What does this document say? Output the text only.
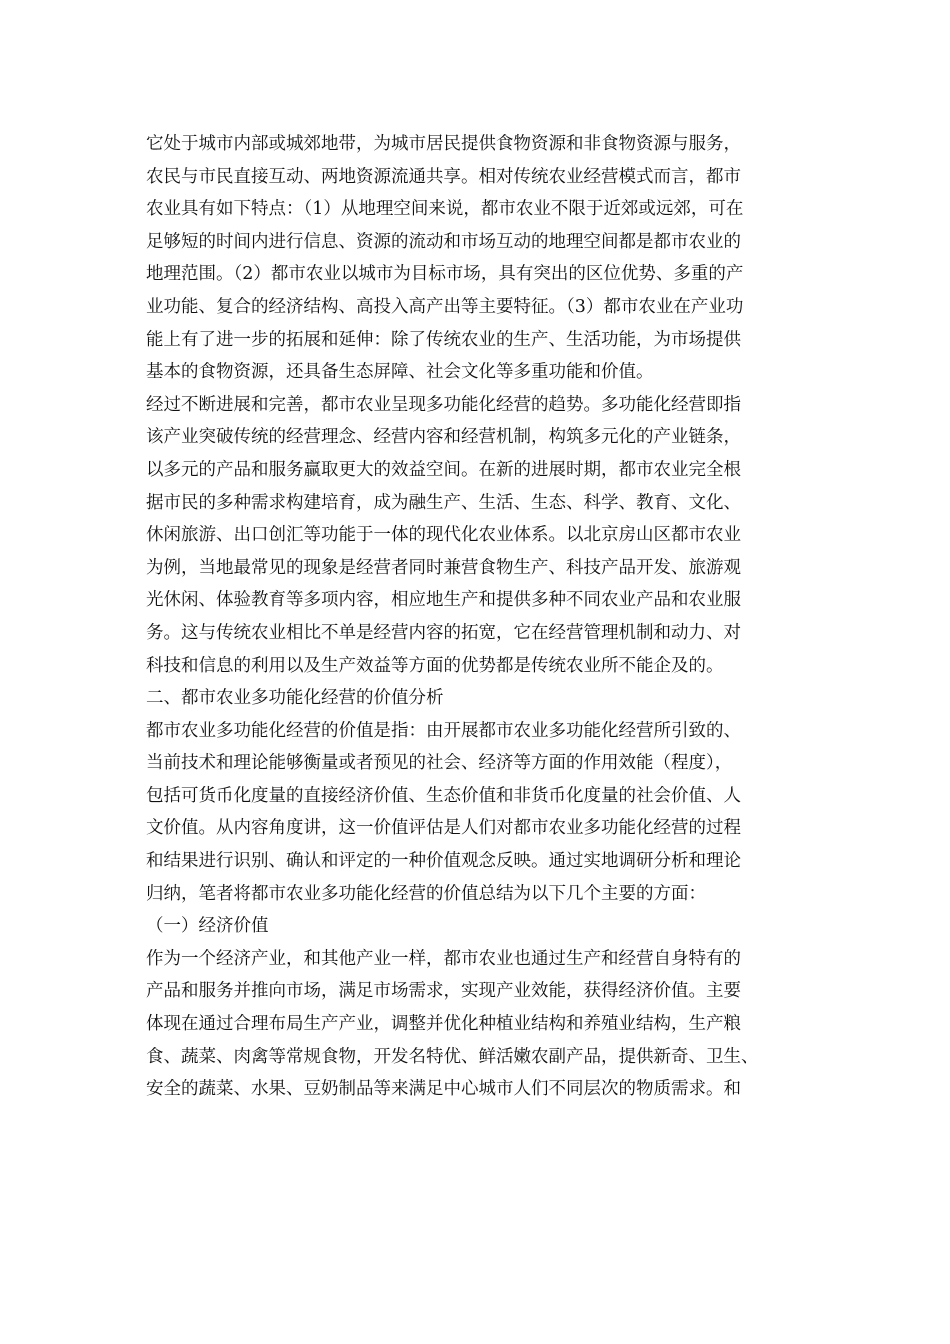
它处于城市内部或城郊地带，为城市居民提供食物资源和非食物资源与服务，
农民与市民直接互动、两地资源流通共享。相对传统农业经营模式而言，都市
农业具有如下特点：（1）从地理空间来说，都市农业不限于近郊或远郊，可在
足够短的时间内进行信息、资源的流动和市场互动的地理空间都是都市农业的
地理范围。（2）都市农业以城市为目标市场，具有突出的区位优势、多重的产
业功能、复合的经济结构、高投入高产出等主要特征。（3）都市农业在产业功
能上有了进一步的拓展和延伸：除了传统农业的生产、生活功能，为市场提供
基本的食物资源，还具备生态屏障、社会文化等多重功能和价值。

经过不断进展和完善，都市农业呈现多功能化经营的趋势。多功能化经营即指
该产业突破传统的经营理念、经营内容和经营机制，构筑多元化的产业链条，
以多元的产品和服务赢取更大的效益空间。在新的进展时期，都市农业完全根
据市民的多种需求构建培育，成为融生产、生活、生态、科学、教育、文化、
休闲旅游、出口创汇等功能于一体的现代化农业体系。以北京房山区都市农业
为例，当地最常见的现象是经营者同时兼营食物生产、科技产品开发、旅游观
光休闲、体验教育等多项内容，相应地生产和提供多种不同农业产品和农业服
务。这与传统农业相比不单是经营内容的拓宽，它在经营管理机制和动力、对
科技和信息的利用以及生产效益等方面的优势都是传统农业所不能企及的。

二、都市农业多功能化经营的价值分析

都市农业多功能化经营的价值是指：由开展都市农业多功能化经营所引致的、
当前技术和理论能够衡量或者预见的社会、经济等方面的作用效能（程度），
包括可货币化度量的直接经济价值、生态价值和非货币化度量的社会价值、人
文价值。从内容角度讲，这一价值评估是人们对都市农业多功能化经营的过程
和结果进行识别、确认和评定的一种价值观念反映。通过实地调研分析和理论
归纳，笔者将都市农业多功能化经营的价值总结为以下几个主要的方面：

（一）经济价值

作为一个经济产业，和其他产业一样，都市农业也通过生产和经营自身特有的
产品和服务并推向市场，满足市场需求，实现产业效能，获得经济价值。主要
体现在通过合理布局生产产业，调整并优化种植业结构和养殖业结构，生产粮
食、蔬菜、肉禽等常规食物，开发名特优、鲜活嫩农副产品，提供新奇、卫生、
安全的蔬菜、水果、豆奶制品等来满足中心城市人们不同层次的物质需求。和
